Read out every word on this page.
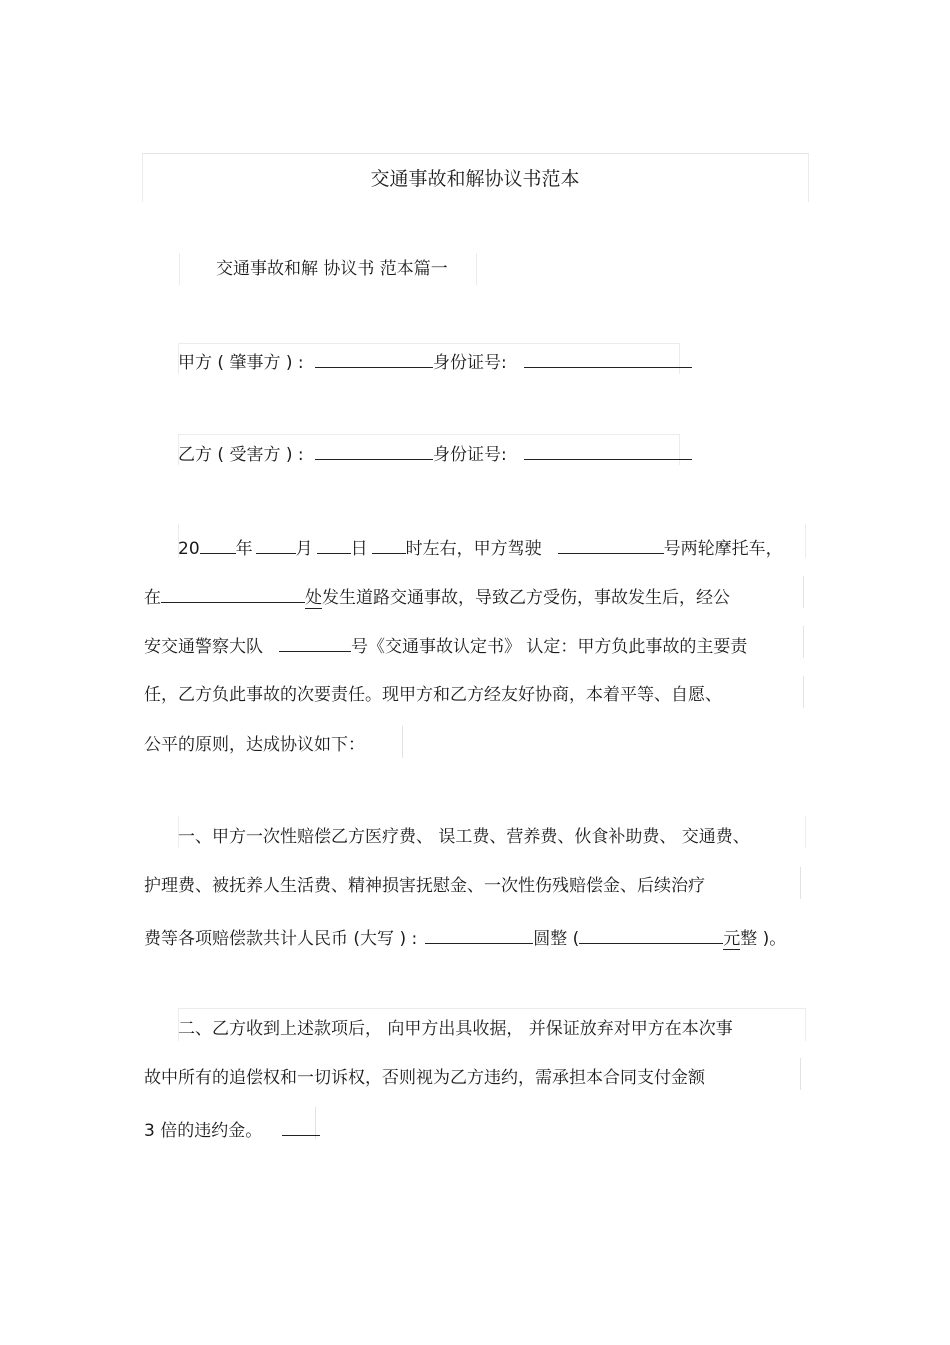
交通事故和解协议书范本
交通事故和解 协议书 范本篇一
甲方 ( 肇事方 ) :	身份证号:
乙方 ( 受害方 ) :	身份证号:
20 年	月 日 时左右，甲方驾驶	号两轮摩托车，
在	处发生道路交通事故，导致乙方受伤，事故发生后，经公
安交通警察大队	号《交通事故认定书》 认定：甲方负此事故的主要责
任，乙方负此事故的次要责任。现甲方和乙方经友好协商，本着平等、自愿、
公平的原则，达成协议如下：
一、甲方一次性赔偿乙方医疗费、 误工费、营养费、伙食补助费、 交通费、
护理费、被抚养人生活费、精神损害抚慰金、一次性伤残赔偿金、后续治疗
费等各项赔偿款共计人民币 (大写 ) :	圆整 (	元整 )。
二、乙方收到上述款项后， 向甲方出具收据， 并保证放弃对甲方在本次事
故中所有的追偿权和一切诉权，否则视为乙方违约，需承担本合同支付金额
3 倍的违约金。
